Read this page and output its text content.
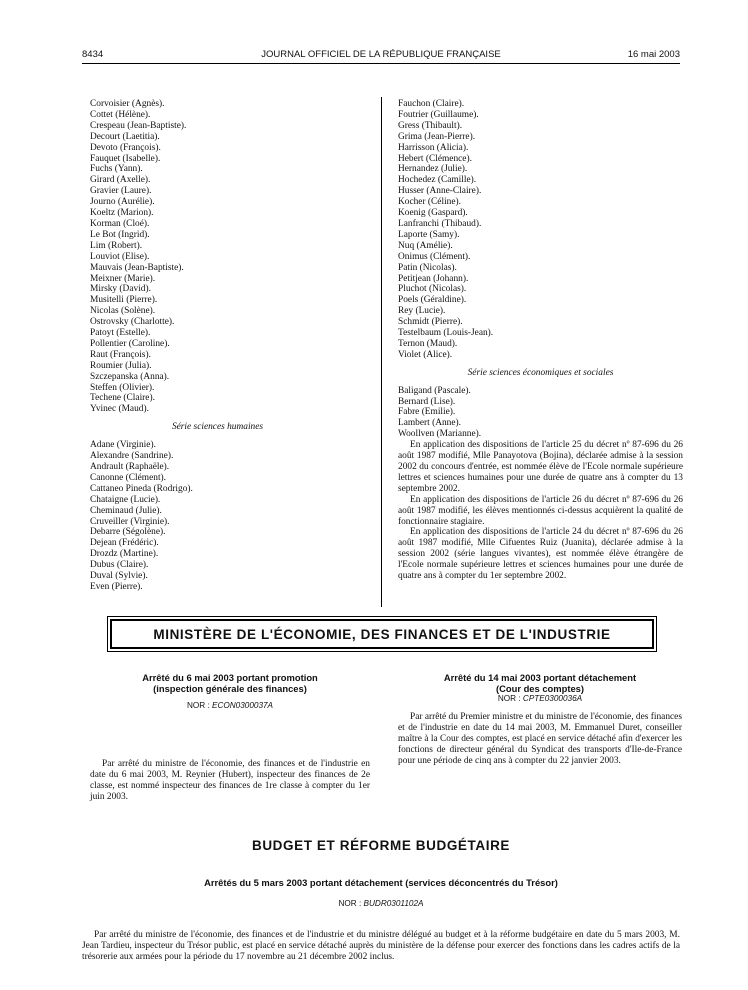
8434	JOURNAL OFFICIEL DE LA RÉPUBLIQUE FRANÇAISE	16 mai 2003
Corvoisier (Agnès).
Cottet (Hélène).
Crespeau (Jean-Baptiste).
Decourt (Laetitia).
Devoto (François).
Fauquet (Isabelle).
Fuchs (Yann).
Girard (Axelle).
Gravier (Laure).
Journo (Aurélie).
Koeltz (Marion).
Korman (Cloé).
Le Bot (Ingrid).
Lim (Robert).
Louviot (Elise).
Mauvais (Jean-Baptiste).
Meixner (Marie).
Mirsky (David).
Musitelli (Pierre).
Nicolas (Solène).
Ostrovsky (Charlotte).
Patoyt (Estelle).
Pollentier (Caroline).
Raut (François).
Roumier (Julia).
Szczepanska (Anna).
Steffen (Olivier).
Techene (Claire).
Yvinec (Maud).
Série sciences humaines
Adane (Virginie).
Alexandre (Sandrine).
Andrault (Raphaële).
Canonne (Clément).
Cattaneo Pineda (Rodrigo).
Chataigne (Lucie).
Cheminaud (Julie).
Cruveiller (Virginie).
Debarre (Ségolène).
Dejean (Frédéric).
Drozdz (Martine).
Dubus (Claire).
Duval (Sylvie).
Even (Pierre).
Fauchon (Claire).
Foutrier (Guillaume).
Gress (Thibault).
Grima (Jean-Pierre).
Harrisson (Alicia).
Hebert (Clémence).
Hernandez (Julie).
Hochedez (Camille).
Husser (Anne-Claire).
Kocher (Céline).
Koenig (Gaspard).
Lanfranchi (Thibaud).
Laporte (Samy).
Nuq (Amélie).
Onimus (Clément).
Patin (Nicolas).
Petitjean (Johann).
Pluchot (Nicolas).
Poels (Géraldine).
Rey (Lucie).
Schmidt (Pierre).
Testelbaum (Louis-Jean).
Ternon (Maud).
Violet (Alice).
Série sciences économiques et sociales
Baligand (Pascale).
Bernard (Lise).
Fabre (Emilie).
Lambert (Anne).
Woollven (Marianne).

En application des dispositions de l'article 25 du décret nº 87-696 du 26 août 1987 modifié, Mlle Panayotova (Bojina), déclarée admise à la session 2002 du concours d'entrée, est nommée élève de l'Ecole normale supérieure lettres et sciences humaines pour une durée de quatre ans à compter du 13 septembre 2002.

En application des dispositions de l'article 26 du décret nº 87-696 du 26 août 1987 modifié, les élèves mentionnés ci-dessus acquièrent la qualité de fonctionnaire stagiaire.

En application des dispositions de l'article 24 du décret nº 87-696 du 26 août 1987 modifié, Mlle Cifuentes Ruiz (Juanita), déclarée admise à la session 2002 (série langues vivantes), est nommée élève étrangère de l'Ecole normale supérieure lettres et sciences humaines pour une durée de quatre ans à compter du 1er septembre 2002.

MINISTÈRE DE L'ÉCONOMIE, DES FINANCES ET DE L'INDUSTRIE
Arrêté du 6 mai 2003 portant promotion
(inspection générale des finances)
NOR : ECON0300037A

Par arrêté du ministre de l'économie, des finances et de l'industrie en date du 6 mai 2003, M. Reynier (Hubert), inspecteur des finances de 2e classe, est nommé inspecteur des finances de 1re classe à compter du 1er juin 2003.

Arrêté du 14 mai 2003 portant détachement
(Cour des comptes)
NOR : CPTE0300036A

Par arrêté du Premier ministre et du ministre de l'économie, des finances et de l'industrie en date du 14 mai 2003, M. Emmanuel Duret, conseiller maître à la Cour des comptes, est placé en service détaché afin d'exercer les fonctions de directeur général du Syndicat des transports d'Ile-de-France pour une période de cinq ans à compter du 22 janvier 2003.

BUDGET ET RÉFORME BUDGÉTAIRE
Arrêtés du 5 mars 2003 portant détachement (services déconcentrés du Trésor)
NOR : BUDR0301102A

Par arrêté du ministre de l'économie, des finances et de l'industrie et du ministre délégué au budget et à la réforme budgétaire en date du 5 mars 2003, M. Jean Tardieu, inspecteur du Trésor public, est placé en service détaché auprès du ministère de la défense pour exercer des fonctions dans les cadres actifs de la trésorerie aux armées pour la période du 17 novembre au 21 décembre 2002 inclus.
